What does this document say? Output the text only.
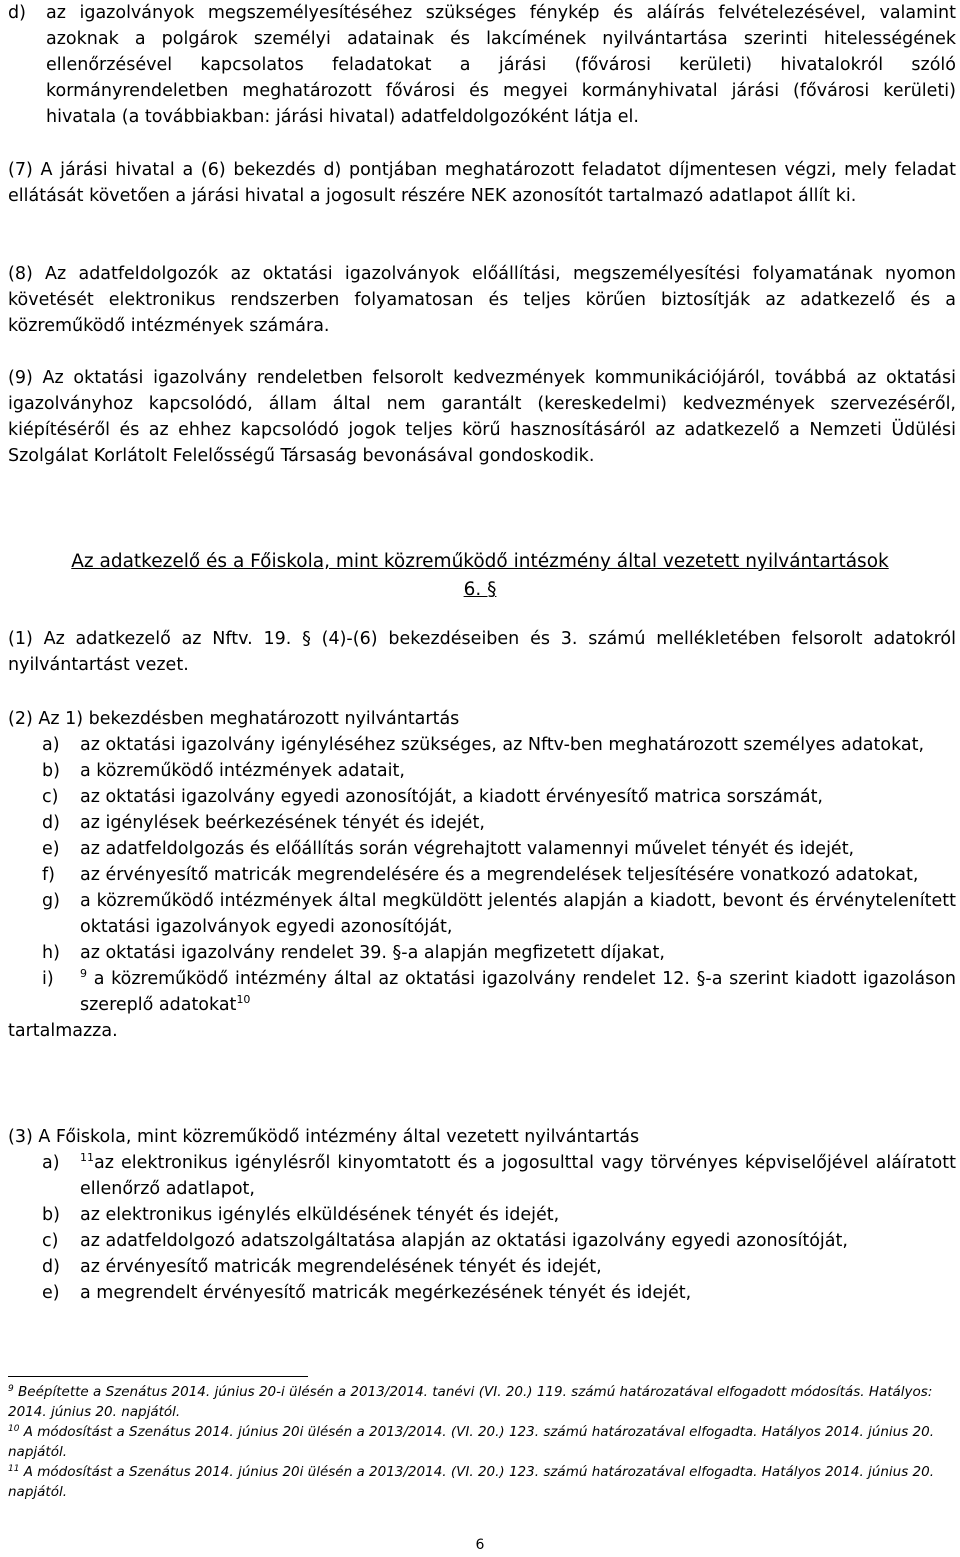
d) az igazolványok megszemélyesítéséhez szükséges fénykép és aláírás felvételezésével, valamint azoknak a polgárok személyi adatainak és lakcímének nyilvántartása szerinti hitelességének ellenőrzésével kapcsolatos feladatokat a járási (fővárosi kerületi) hivatalokról szóló kormányrendeletben meghatározott fővárosi és megyei kormányhivatal járási (fővárosi kerületi) hivatala (a továbbiakban: járási hivatal) adatfeldolgozóként látja el.
(7) A járási hivatal a (6) bekezdés d) pontjában meghatározott feladatot díjmentesen végzi, mely feladat ellátását követően a járási hivatal a jogosult részére NEK azonosítót tartalmazó adatlapot állít ki.
(8) Az adatfeldolgozók az oktatási igazolványok előállítási, megszemélyesítési folyamatának nyomon követését elektronikus rendszerben folyamatosan és teljes körűen biztosítják az adatkezelő és a közreműködő intézmények számára.
(9) Az oktatási igazolvány rendeletben felsorolt kedvezmények kommunikációjáról, továbbá az oktatási igazolványhoz kapcsolódó, állam által nem garantált (kereskedelmi) kedvezmények szervezéséről, kiépítéséről és az ehhez kapcsolódó jogok teljes körű hasznosításáról az adatkezelő a Nemzeti Üdülési Szolgálat Korlátolt Felelősségű Társaság bevonásával gondoskodik.
Az adatkezelő és a Főiskola, mint közreműködő intézmény által vezetett nyilvántartások
6. §
(1) Az adatkezelő az Nftv. 19. § (4)-(6) bekezdéseiben és 3. számú mellékletében felsorolt adatokról nyilvántartást vezet.
(2) Az 1) bekezdésben meghatározott nyilvántartás
a) az oktatási igazolvány igényléséhez szükséges, az Nftv-ben meghatározott személyes adatokat,
b) a közreműködő intézmények adatait,
c) az oktatási igazolvány egyedi azonosítóját, a kiadott érvényesítő matrica sorszámát,
d) az igénylések beérkezésének tényét és idejét,
e) az adatfeldolgozás és előállítás során végrehajtott valamennyi művelet tényét és idejét,
f) az érvényesítő matricák megrendelésére és a megrendelések teljesítésére vonatkozó adatokat,
g) a közreműködő intézmények által megküldött jelentés alapján a kiadott, bevont és érvénytelenített oktatási igazolványok egyedi azonosítóját,
h) az oktatási igazolvány rendelet 39. §-a alapján megfizetett díjakat,
i) $^9$ a közreműködő intézmény által az oktatási igazolvány rendelet 12. §-a szerint kiadott igazoláson szereplő adatokat$^{10}$
tartalmazza.
(3) A Főiskola, mint közreműködő intézmény által vezetett nyilvántartás
a) $^{11}$az elektronikus igénylésről kinyomtatott és a jogosulttal vagy törvényes képviselőjével aláíratott ellenőrző adatlapot,
b) az elektronikus igénylés elküldésének tényét és idejét,
c) az adatfeldolgozó adatszolgáltatása alapján az oktatási igazolvány egyedi azonosítóját,
d) az érvényesítő matricák megrendelésének tényét és idejét,
e) a megrendelt érvényesítő matricák megérkezésének tényét és idejét,
$^9$ Beépítette a Szenátus 2014. június 20-i ülésén a 2013/2014. tanévi (VI. 20.) 119. számú határozatával elfogadott módosítás. Hatályos: 2014. június 20. napjától.
$^{10}$ A módosítást a Szenátus 2014. június 20i ülésén a 2013/2014. (VI. 20.) 123. számú határozatával elfogadta. Hatályos 2014. június 20. napjától.
$^{11}$ A módosítást a Szenátus 2014. június 20i ülésén a 2013/2014. (VI. 20.) 123. számú határozatával elfogadta. Hatályos 2014. június 20. napjától.
6
